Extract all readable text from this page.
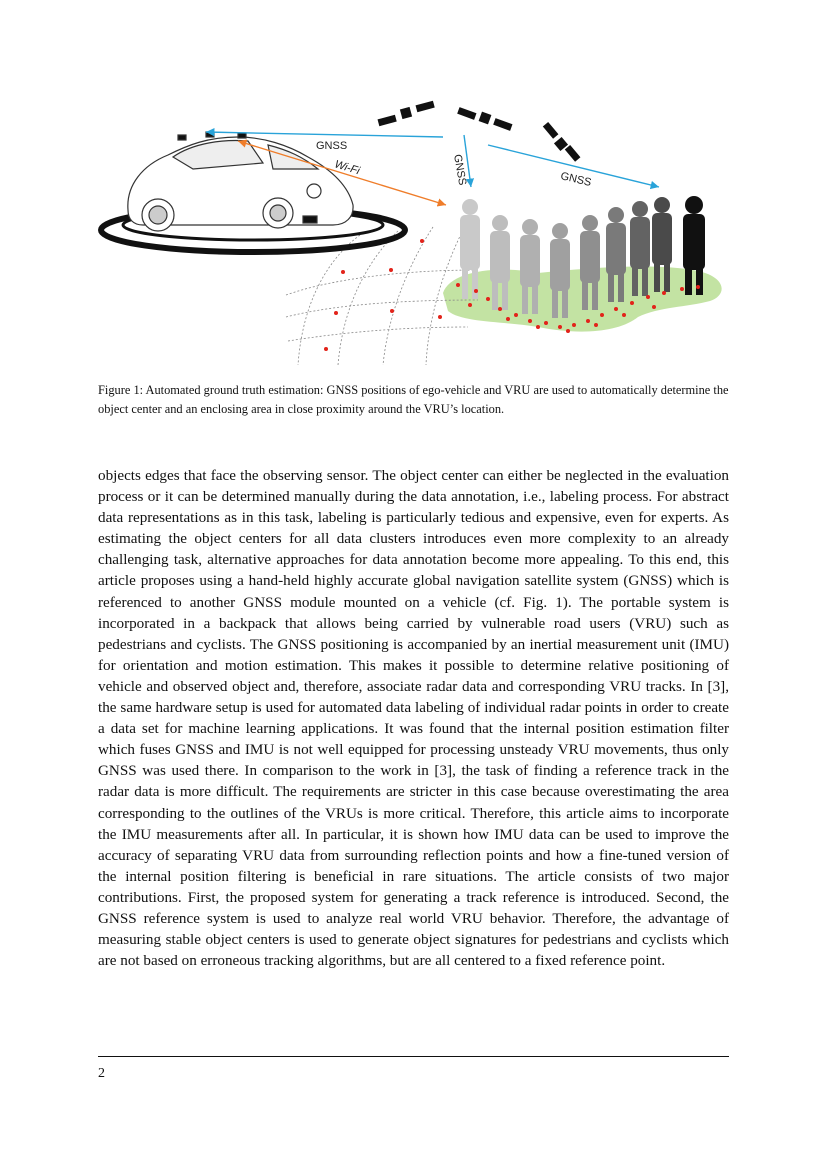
GNSS
Wi-Fi	GNSS	GNSS

Figure 1: Automated ground truth estimation: GNSS positions of ego-vehicle and VRU are used to automatically determine the object center and an enclosing area in close proximity around the VRU’s location.

objects edges that face the observing sensor. The object center can either be neglected in the evaluation process or it can be determined manually during the data annotation, i.e., labeling process. For abstract data representations as in this task, labeling is particularly tedious and expensive, even for experts. As estimating the object centers for all data clusters introduces even more complexity to an already challenging task, alternative approaches for data annotation become more appealing. To this end, this article proposes using a hand-held highly accurate global navigation satellite system (GNSS) which is referenced to another GNSS module mounted on a vehicle (cf. Fig. 1). The portable system is incorporated in a backpack that allows being carried by vulnerable road users (VRU) such as pedestrians and cyclists. The GNSS positioning is accompanied by an inertial measurement unit (IMU) for orientation and motion estimation. This makes it possible to determine relative positioning of vehicle and observed object and, therefore, associate radar data and corresponding VRU tracks. In [3], the same hardware setup is used for automated data labeling of individual radar points in order to create a data set for machine learning applications. It was found that the internal position estimation filter which fuses GNSS and IMU is not well equipped for processing unsteady VRU movements, thus only GNSS was used there. In comparison to the work in [3], the task of finding a reference track in the radar data is more difficult. The requirements are stricter in this case because overestimating the area corresponding to the outlines of the VRUs is more critical. Therefore, this article aims to incorporate the IMU measurements after all. In particular, it is shown how IMU data can be used to improve the accuracy of separating VRU data from surrounding reflection points and how a fine-tuned version of the internal position filtering is beneficial in rare situations. The article consists of two major contributions. First, the proposed system for generating a track reference is introduced. Second, the GNSS reference system is used to analyze real world VRU behavior. Therefore, the advantage of measuring stable object centers is used to generate object signatures for pedestrians and cyclists which are not based on erroneous tracking algorithms, but are all centered to a fixed reference point.

2
